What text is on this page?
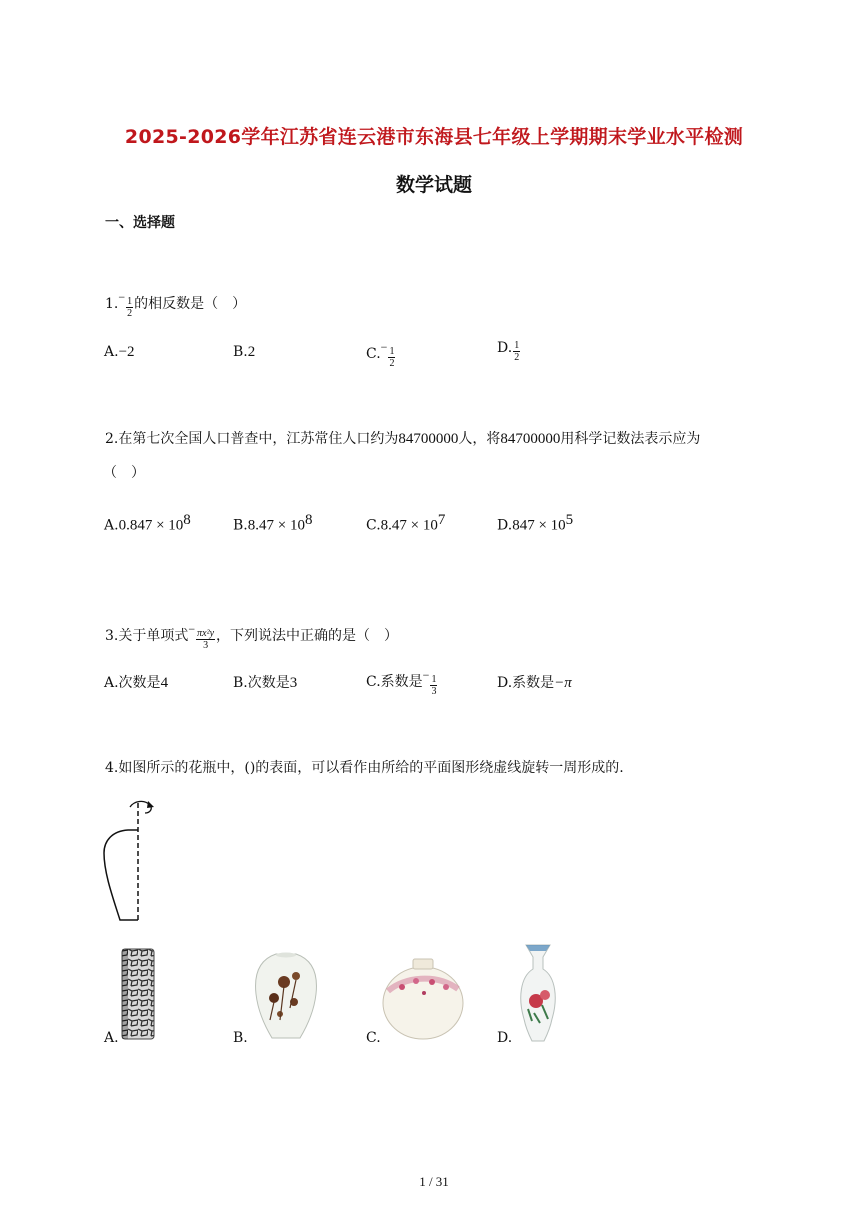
2025-2026学年江苏省连云港市东海县七年级上学期期末学业水平检测
数学试题
一、选择题
$1.- \frac{1}{2}$ 的相反数是（　）
A.−2	B.2	$C.- \frac{1}{2}$	D. $\frac{1}{2}$
2.在第七次全国人口普查中，江苏常住人口约为84700000人，将84700000用科学记数法表示应为
（　）
$A.0.847 \times 10^8$	$B.8.47 \times 10^8$	$C.8.47 \times 10^7$	$D.847 \times 10^5$
3.关于单项式− $\frac{\text{πx²y}}{3}$ ，下列说法中正确的是（　）
A.次数是4	B.次数是3	C.系数是− $\frac{1}{3}$	D.系数是−π
4.如图所示的花瓶中，()的表面，可以看作由所给的平面图形绕虚线旋转一周形成的.
A.	B.	C.	D.
1 / 31
